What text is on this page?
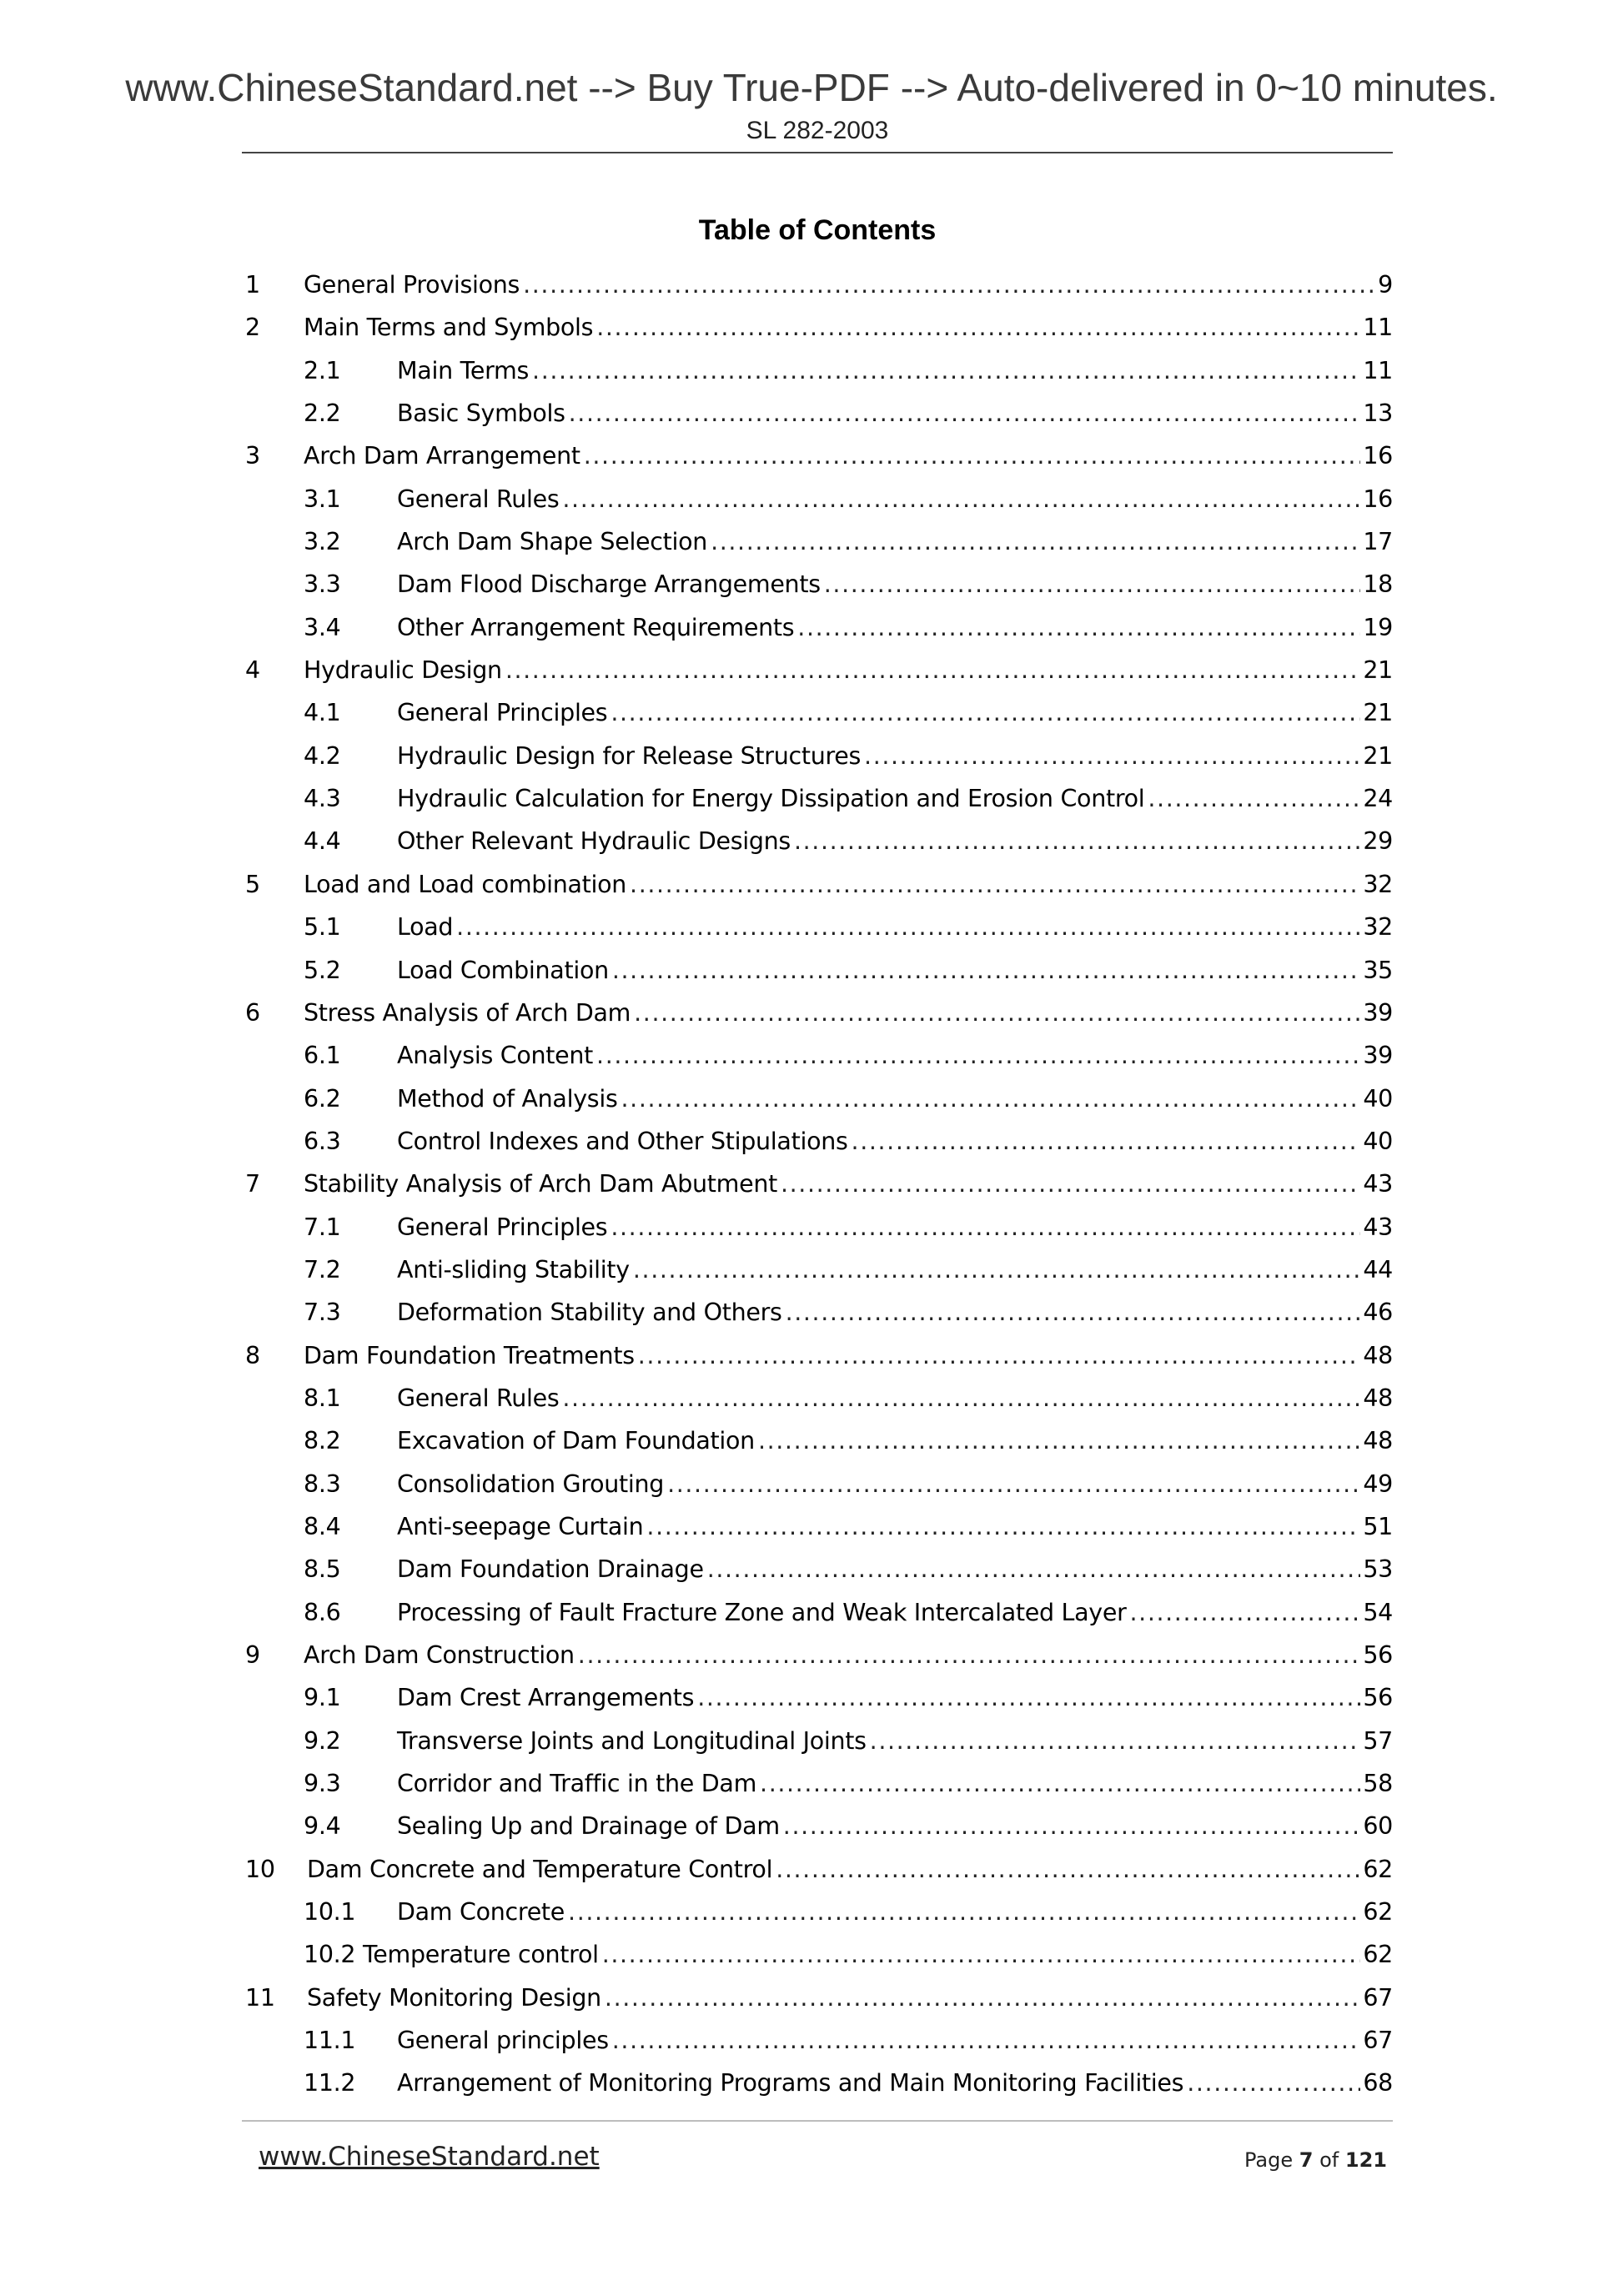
www.ChineseStandard.net --> Buy True-PDF --> Auto-delivered in 0~10 minutes.
SL 282-2003
Table of Contents
1 General Provisions .....	9
2 Main Terms and Symbols .....	11
2.1 Main Terms .....	11
2.2 Basic Symbols .....	13
3 Arch Dam Arrangement .....	16
3.1 General Rules .....	16
3.2 Arch Dam Shape Selection .....	17
3.3 Dam Flood Discharge Arrangements .....	18
3.4 Other Arrangement Requirements .....	19
4 Hydraulic Design .....	21
4.1 General Principles .....	21
4.2 Hydraulic Design for Release Structures .....	21
4.3 Hydraulic Calculation for Energy Dissipation and Erosion Control .....	24
4.4 Other Relevant Hydraulic Designs .....	29
5 Load and Load combination .....	32
5.1 Load .....	32
5.2 Load Combination .....	35
6 Stress Analysis of Arch Dam .....	39
6.1 Analysis Content .....	39
6.2 Method of Analysis .....	40
6.3 Control Indexes and Other Stipulations .....	40
7 Stability Analysis of Arch Dam Abutment .....	43
7.1 General Principles .....	43
7.2 Anti-sliding Stability .....	44
7.3 Deformation Stability and Others .....	46
8 Dam Foundation Treatments .....	48
8.1 General Rules .....	48
8.2 Excavation of Dam Foundation .....	48
8.3 Consolidation Grouting .....	49
8.4 Anti-seepage Curtain .....	51
8.5 Dam Foundation Drainage .....	53
8.6 Processing of Fault Fracture Zone and Weak Intercalated Layer .....	54
9 Arch Dam Construction .....	56
9.1 Dam Crest Arrangements .....	56
9.2 Transverse Joints and Longitudinal Joints .....	57
9.3 Corridor and Traffic in the Dam .....	58
9.4 Sealing Up and Drainage of Dam .....	60
10 Dam Concrete and Temperature Control .....	62
10.1 Dam Concrete .....	62
10.2 Temperature control .....	62
11 Safety Monitoring Design .....	67
11.1 General principles .....	67
11.2 Arrangement of Monitoring Programs and Main Monitoring Facilities .....	68
www.ChineseStandard.net	Page 7 of 121
